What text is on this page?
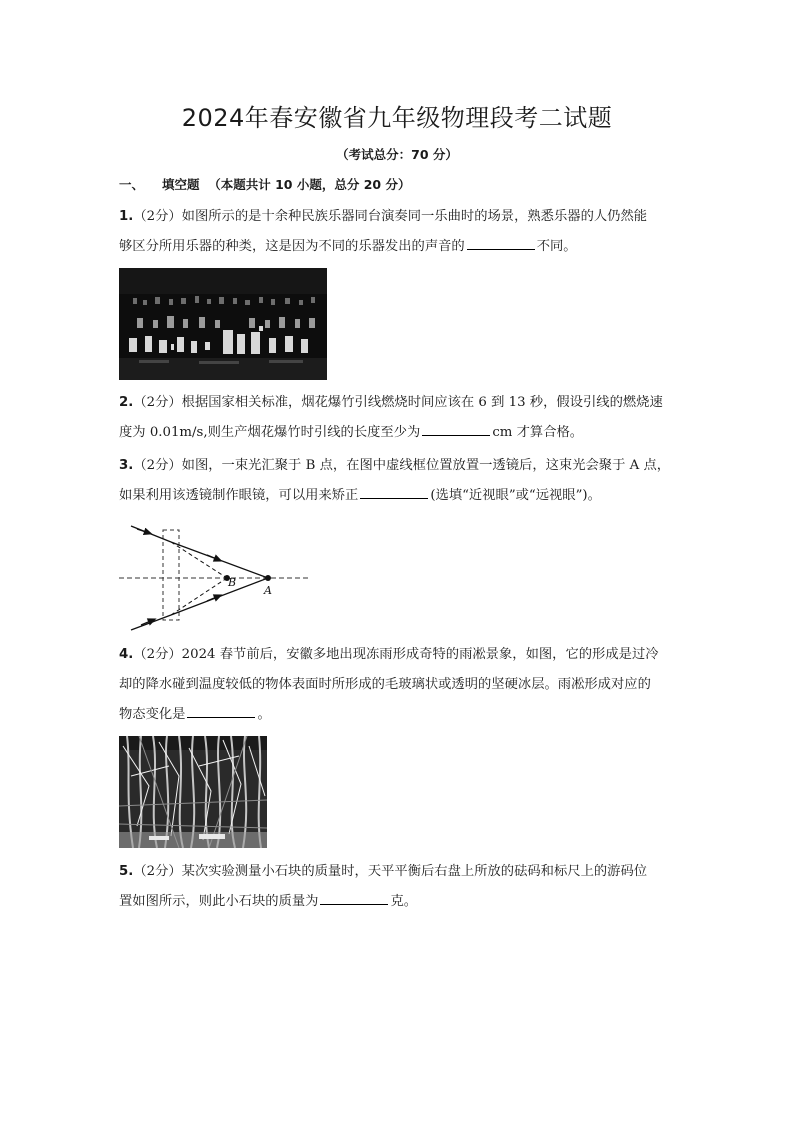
2024年春安徽省九年级物理段考二试题
（考试总分：70 分）
一、 填空题 （本题共计 10 小题，总分 20 分）
1.（2分）如图所示的是十余种民族乐器同台演奏同一乐曲时的场景，熟悉乐器的人仍然能
够区分所用乐器的种类，这是因为不同的乐器发出的声音的	不同。
2.（2分）根据国家相关标准，烟花爆竹引线燃烧时间应该在 6 到 13 秒，假设引线的燃烧速
度为 0.01m/s,则生产烟花爆竹时引线的长度至少为	cm 才算合格。
3.（2分）如图，一束光汇聚于 B 点，在图中虚线框位置放置一透镜后，这束光会聚于 A 点，
如果利用该透镜制作眼镜，可以用来矫正	(选填“近视眼”或“远视眼”)。
B
A
4.（2分）2024 春节前后，安徽多地出现冻雨形成奇特的雨凇景象，如图，它的形成是过冷
却的降水碰到温度较低的物体表面时所形成的毛玻璃状或透明的坚硬冰层。雨凇形成对应的
物态变化是	。
5.（2分）某次实验测量小石块的质量时，天平平衡后右盘上所放的砝码和标尺上的游码位
置如图所示，则此小石块的质量为	克。
